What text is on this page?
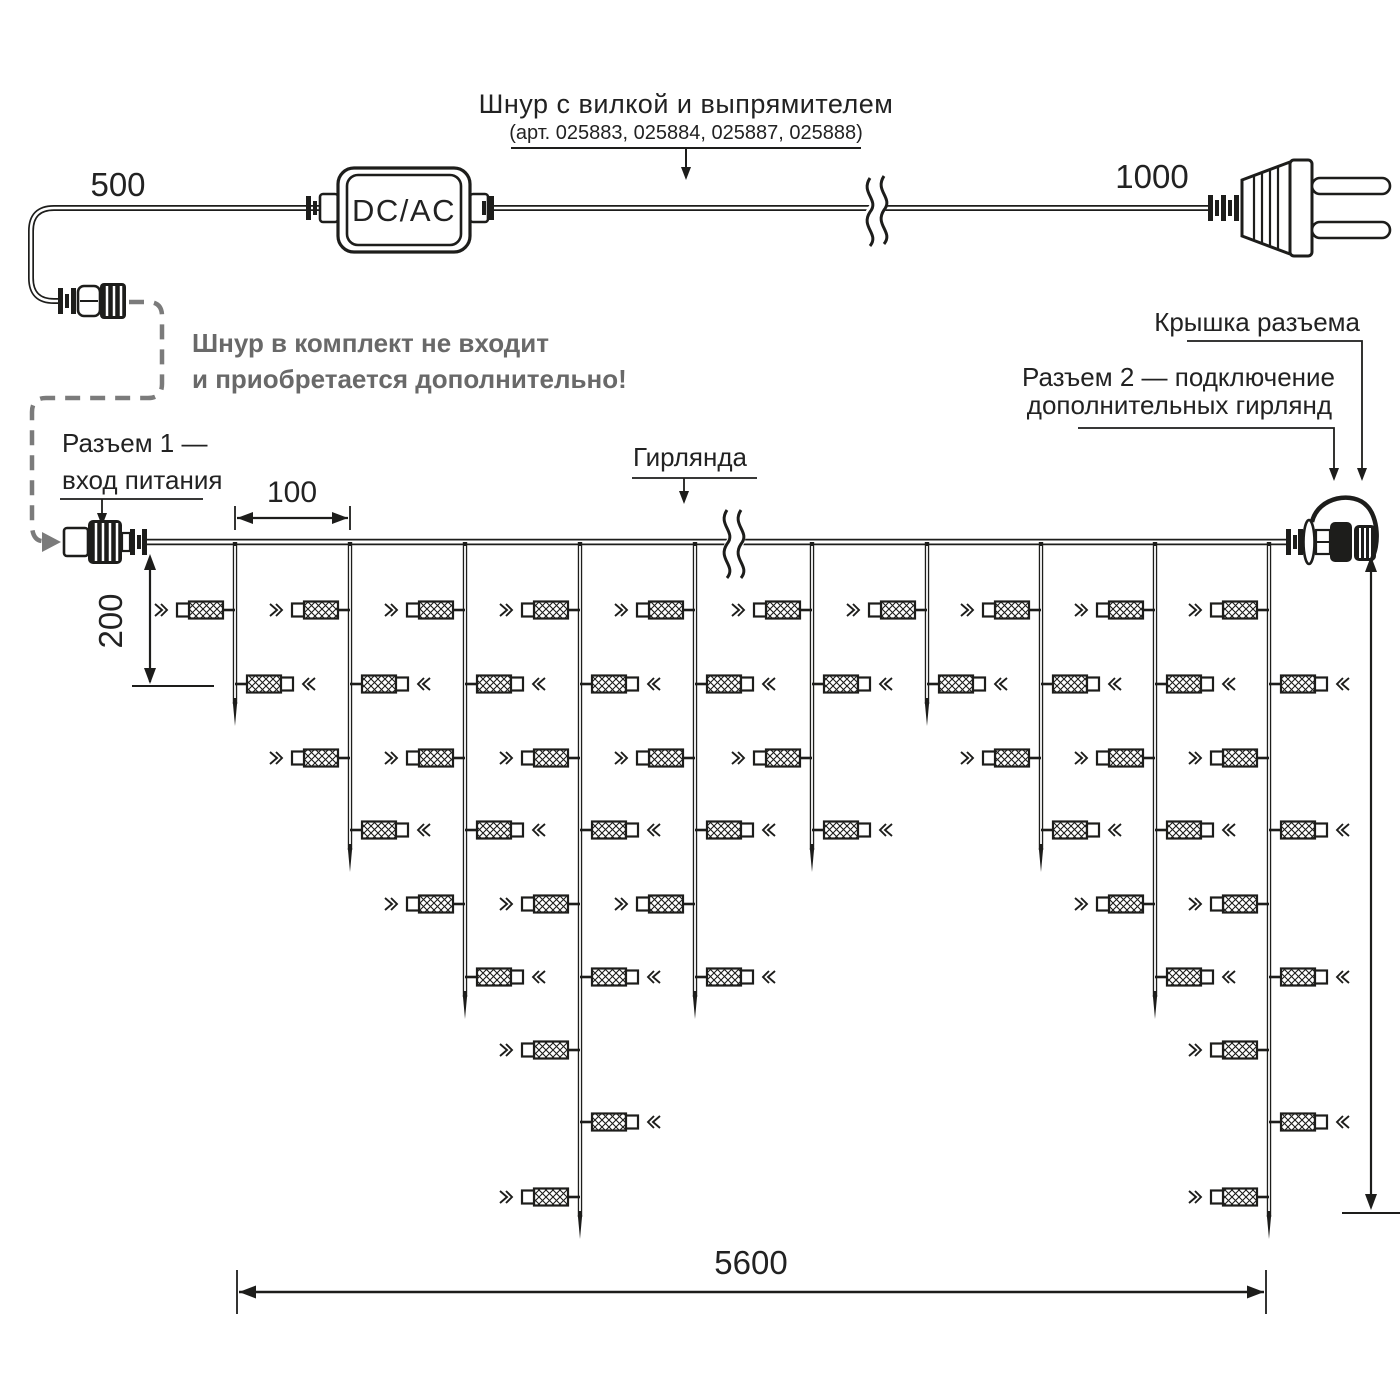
Шнур с вилкой и выпрямителем
(арт. 025883, 025884, 025887, 025888)
500	1000
DC/AC
Шнур в комплект не входит
и приобретается дополнительно!
Разъем 1 —
вход питания
Гирлянда
Крышка разъема
Разъем 2 — подключение
дополнительных гирлянд
100
200
5600
